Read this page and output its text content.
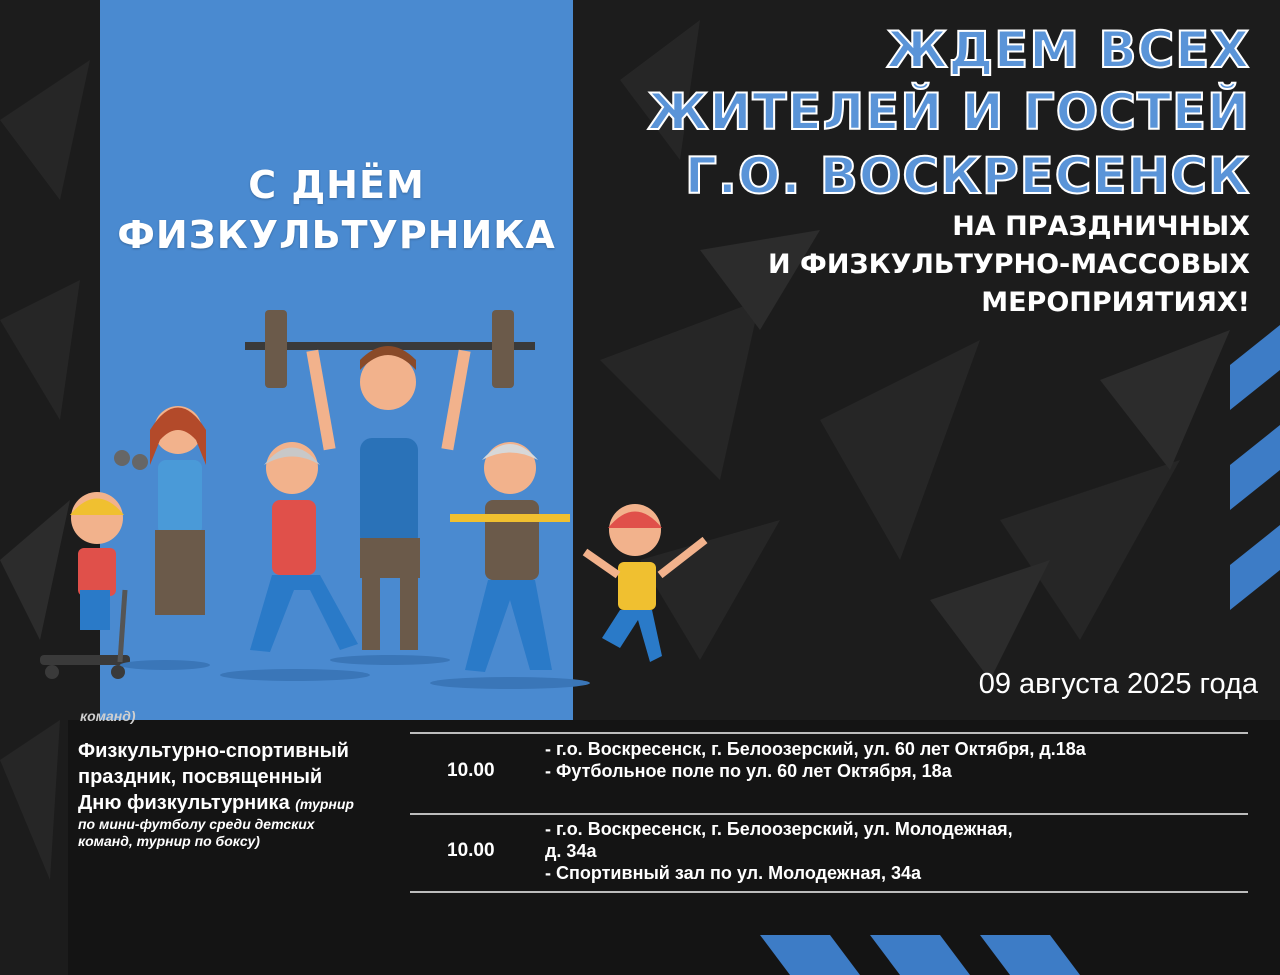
С ДНЁМ
ФИЗКУЛЬТУРНИКА
ЖДЕМ ВСЕХ
ЖИТЕЛЕЙ И ГОСТЕЙ
Г.О. ВОСКРЕСЕНСК
НА ПРАЗДНИЧНЫХ
И ФИЗКУЛЬТУРНО-МАССОВЫХ
МЕРОПРИЯТИЯХ!
09 августа 2025 года
команд)
Физкультурно-спортивный
праздник, посвященный
Дню физкультурника (турнир
по мини-футболу среди детских
команд, турнир по боксу)
10.00
- г.о. Воскресенск, г. Белоозерский, ул. 60 лет Октября, д.18а
- Футбольное поле по ул. 60 лет Октября, 18а
10.00
- г.о. Воскресенск, г. Белоозерский, ул. Молодежная,
д. 34а
- Спортивный зал по ул. Молодежная, 34а
